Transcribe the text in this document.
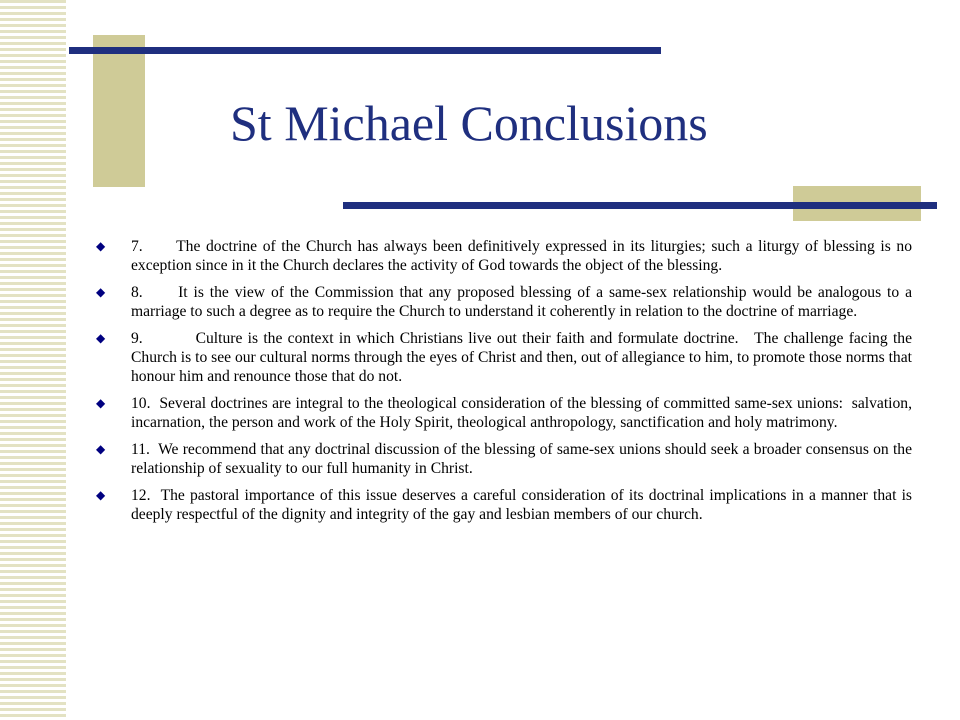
St Michael Conclusions
◆ 7.      The doctrine of the Church has always been definitively expressed in its liturgies; such a liturgy of blessing is no exception since in it the Church declares the activity of God towards the object of the blessing.
◆ 8.      It is the view of the Commission that any proposed blessing of a same-sex relationship would be analogous to a marriage to such a degree as to require the Church to understand it coherently in relation to the doctrine of marriage.
◆ 9.          Culture is the context in which Christians live out their faith and formulate doctrine.   The challenge facing the Church is to see our cultural norms through the eyes of Christ and then, out of allegiance to him, to promote those norms that honour him and renounce those that do not.
◆ 10.  Several doctrines are integral to the theological consideration of the blessing of committed same-sex unions:  salvation, incarnation, the person and work of the Holy Spirit, theological anthropology, sanctification and holy matrimony.
◆ 11.  We recommend that any doctrinal discussion of the blessing of same-sex unions should seek a broader consensus on the relationship of sexuality to our full humanity in Christ.
◆ 12.  The pastoral importance of this issue deserves a careful consideration of its doctrinal implications in a manner that is deeply respectful of the dignity and integrity of the gay and lesbian members of our church.
